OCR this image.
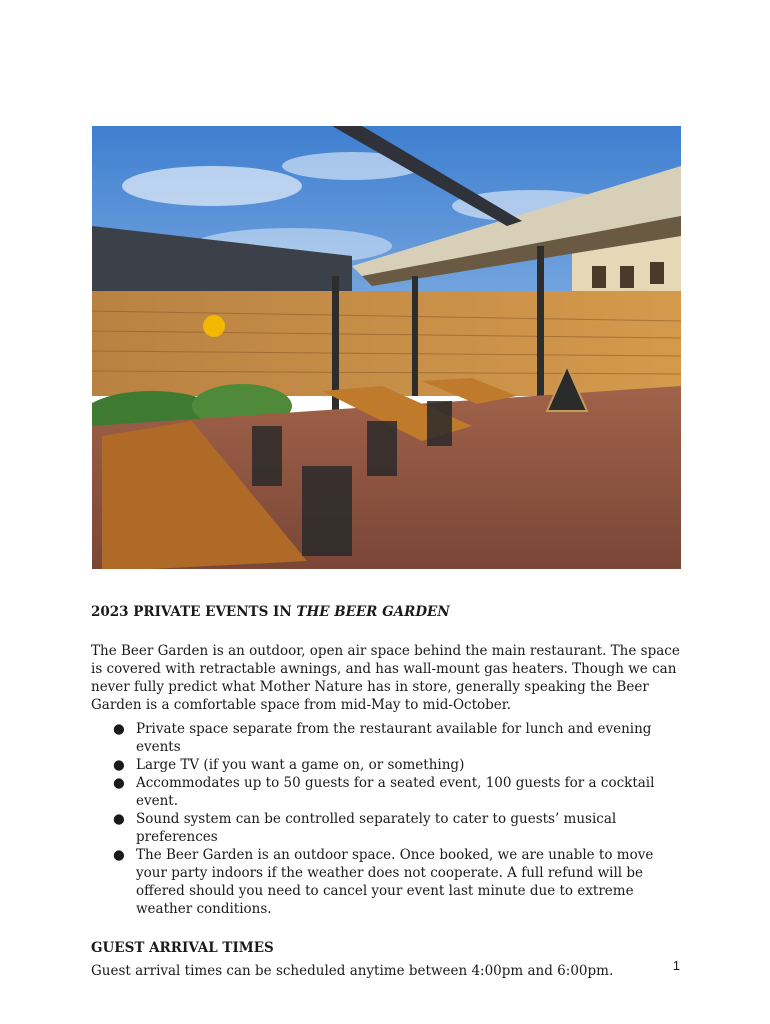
2023 PRIVATE EVENTS IN THE BEER GARDEN

The Beer Garden is an outdoor, open air space behind the main restaurant. The space is covered with retractable awnings, and has wall-mount gas heaters. Though we can never fully predict what Mother Nature has in store, generally speaking the Beer Garden is a comfortable space from mid-May to mid-October.

● Private space separate from the restaurant available for lunch and evening events
● Large TV (if you want a game on, or something)
● Accommodates up to 50 guests for a seated event, 100 guests for a cocktail event.
● Sound system can be controlled separately to cater to guests’ musical preferences
● The Beer Garden is an outdoor space. Once booked, we are unable to move your party indoors if the weather does not cooperate. A full refund will be offered should you need to cancel your event last minute due to extreme weather conditions.
GUEST ARRIVAL TIMES

Guest arrival times can be scheduled anytime between 4:00pm and 6:00pm.	1
